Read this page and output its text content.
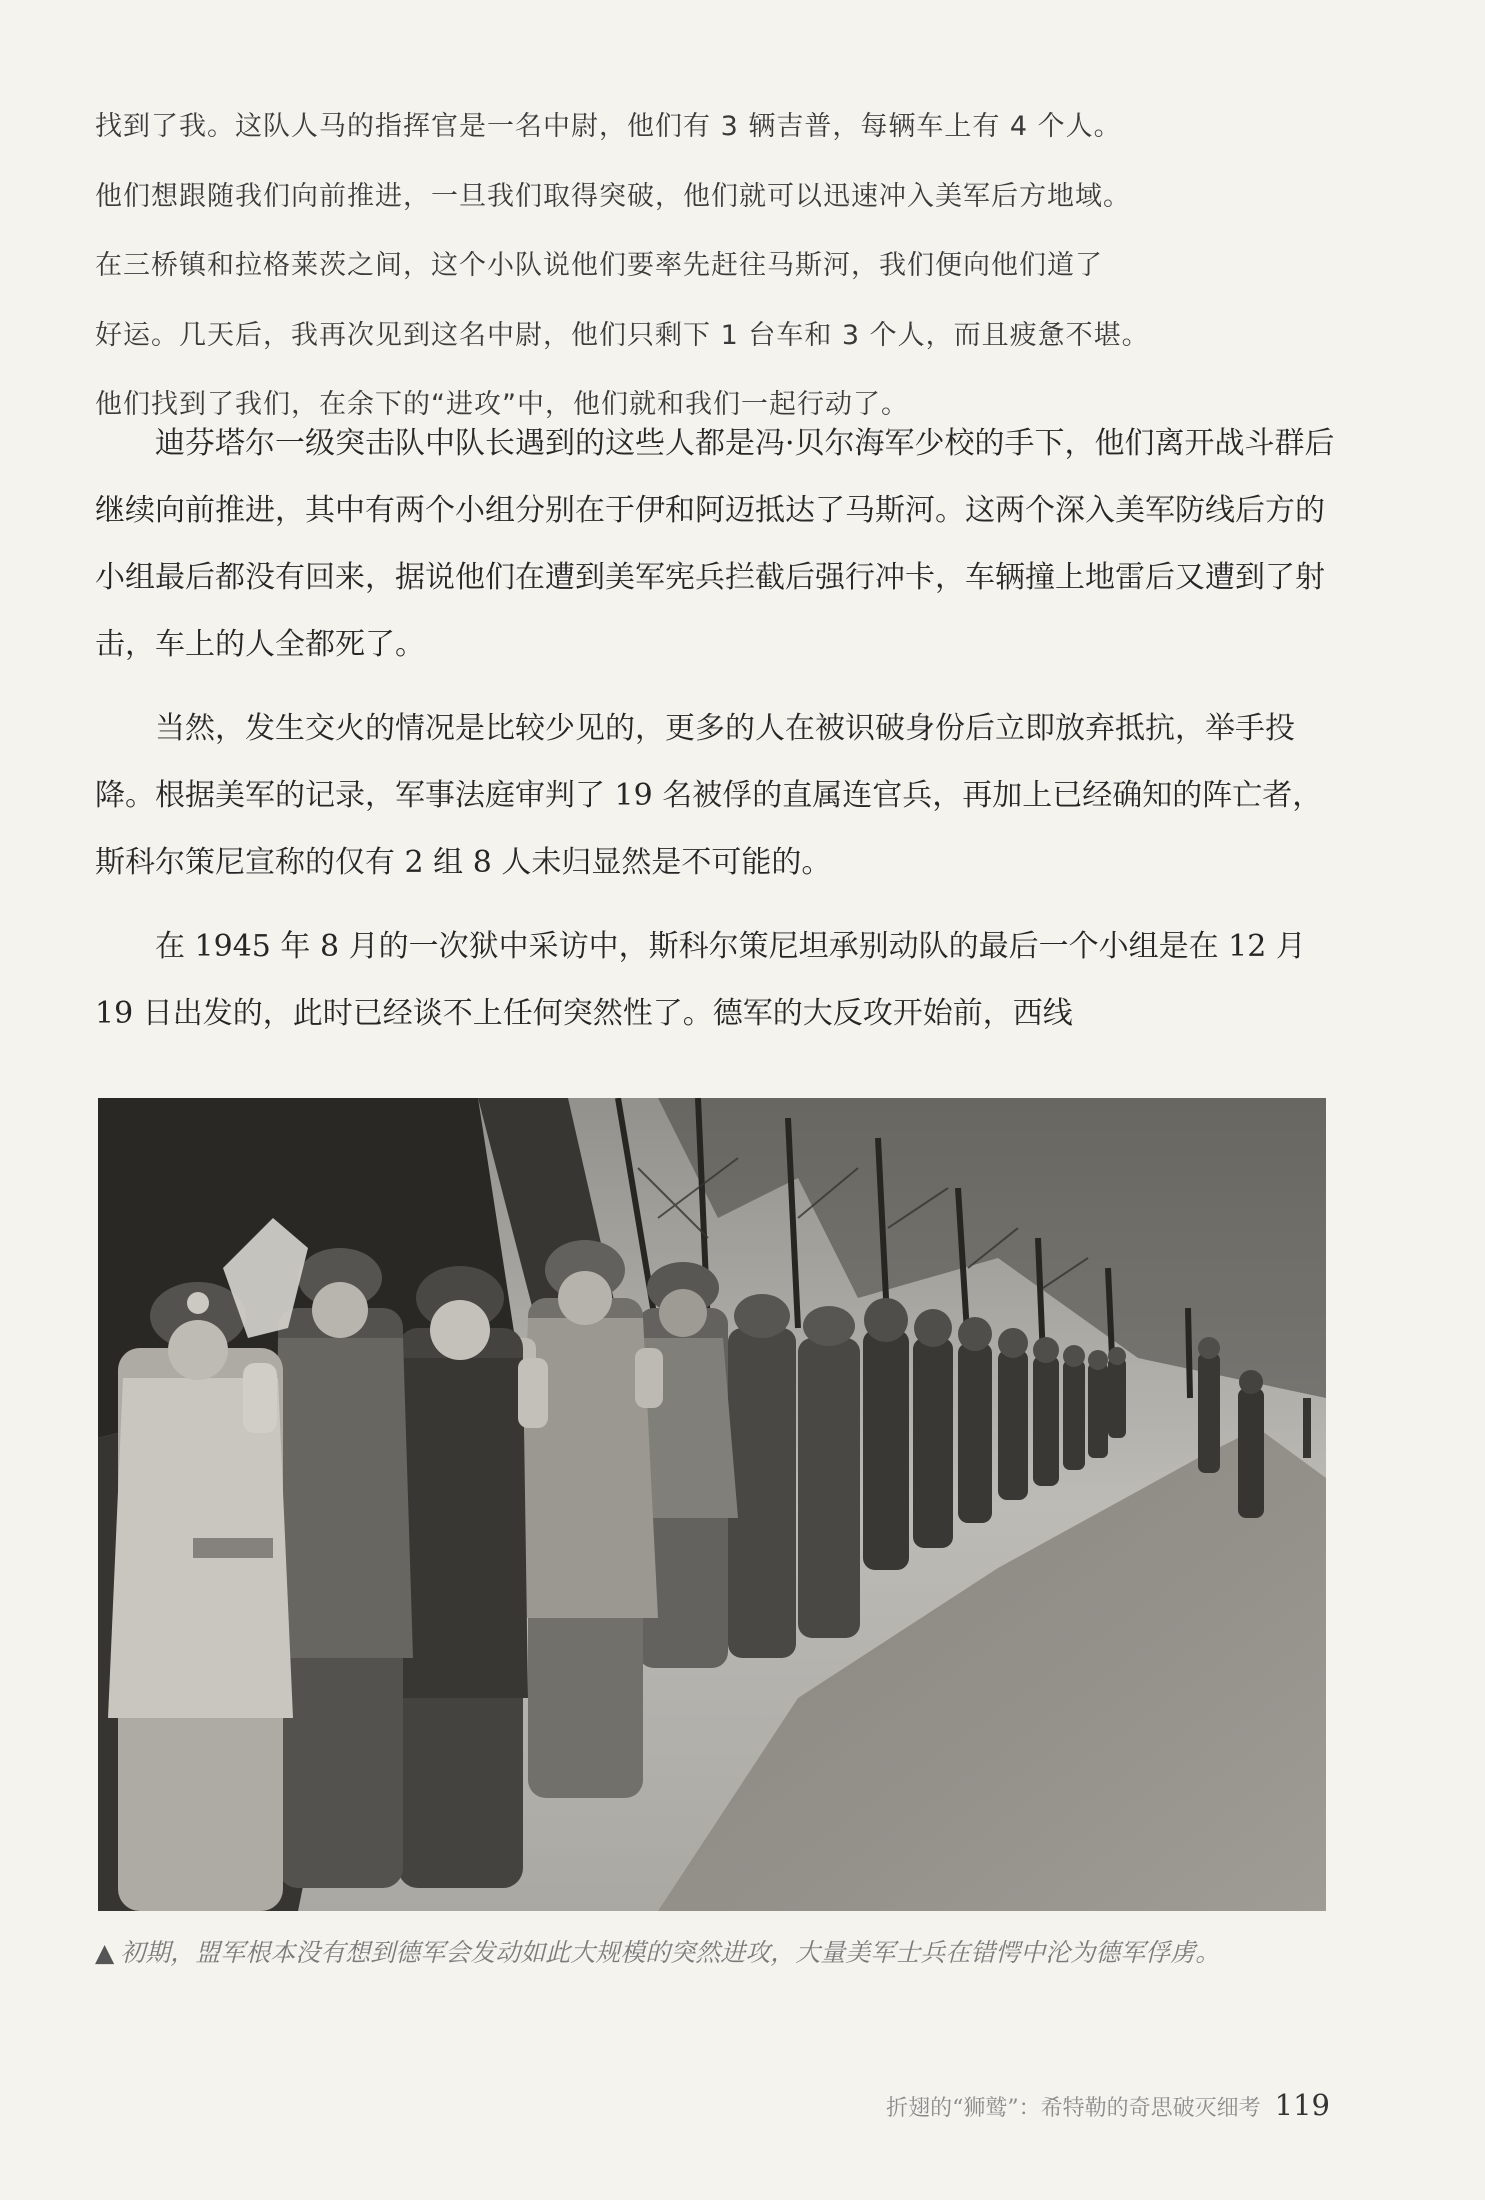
找到了我。这队人马的指挥官是一名中尉，他们有 3 辆吉普，每辆车上有 4 个人。

他们想跟随我们向前推进，一旦我们取得突破，他们就可以迅速冲入美军后方地域。

在三桥镇和拉格莱茨之间，这个小队说他们要率先赶往马斯河，我们便向他们道了

好运。几天后，我再次见到这名中尉，他们只剩下 1 台车和 3 个人，而且疲惫不堪。

他们找到了我们，在余下的“进攻”中，他们就和我们一起行动了。

迪芬塔尔一级突击队中队长遇到的这些人都是冯·贝尔海军少校的手下，他们离开战斗群后继续向前推进，其中有两个小组分别在于伊和阿迈抵达了马斯河。这两个深入美军防线后方的小组最后都没有回来，据说他们在遭到美军宪兵拦截后强行冲卡，车辆撞上地雷后又遭到了射击，车上的人全都死了。

当然，发生交火的情况是比较少见的，更多的人在被识破身份后立即放弃抵抗，举手投降。根据美军的记录，军事法庭审判了 19 名被俘的直属连官兵，再加上已经确知的阵亡者，斯科尔策尼宣称的仅有 2 组 8 人未归显然是不可能的。

在 1945 年 8 月的一次狱中采访中，斯科尔策尼坦承别动队的最后一个小组是在 12 月 19 日出发的，此时已经谈不上任何突然性了。德军的大反攻开始前，西线

▲ 初期，盟军根本没有想到德军会发动如此大规模的突然进攻，大量美军士兵在错愕中沦为德军俘虏。
折翅的“狮鹫”：希特勒的奇思破灭细考 119
